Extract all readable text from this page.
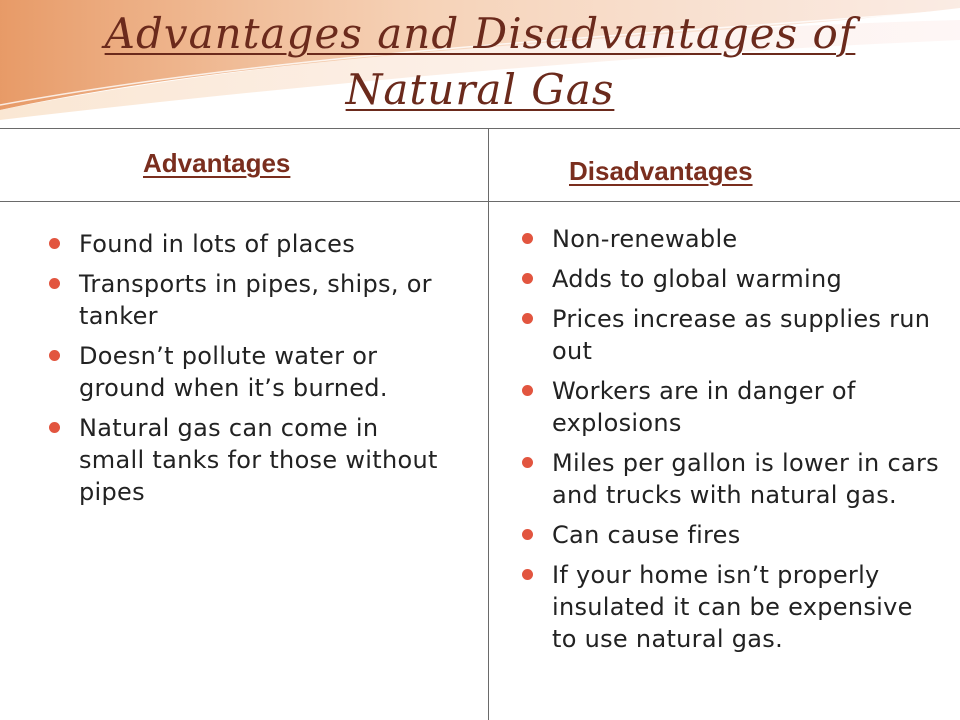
Advantages and Disadvantages of Natural Gas
Advantages	Disadvantages
Found in lots of places
Transports in pipes, ships, or tanker
Doesn’t pollute water or ground when it’s burned.
Natural gas can come in small tanks for those without pipes
Non-renewable
Adds to global warming
Prices increase as supplies run out
Workers are in danger of explosions
Miles per gallon is lower in cars and trucks with natural gas.
Can cause fires
If your home isn’t properly insulated it can be expensive to use natural gas.
